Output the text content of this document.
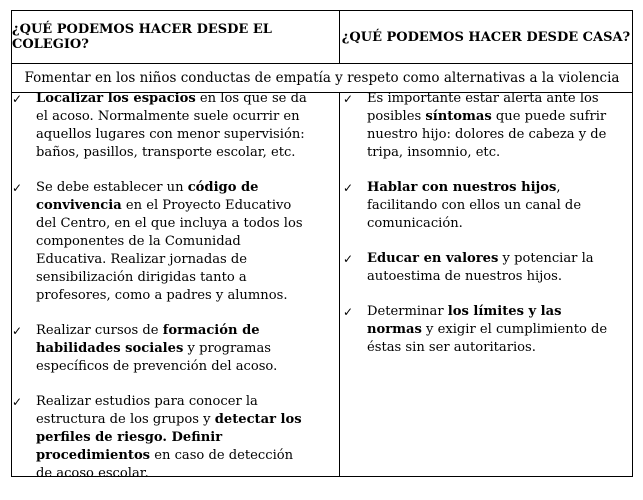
¿QUÉ PODEMOS HACER DESDE EL COLEGIO?	¿QUÉ PODEMOS HACER DESDE CASA?
Fomentar en los niños conductas de empatía y respeto como alternativas a la violencia
✓ Localizar los espacios en los que se da el acoso. Normalmente suele ocurrir en aquellos lugares con menor supervisión: baños, pasillos, transporte escolar, etc.
✓ Se debe establecer un código de convivencia en el Proyecto Educativo del Centro, en el que incluya a todos los componentes de la Comunidad Educativa. Realizar jornadas de sensibilización dirigidas tanto a profesores, como a padres y alumnos.
✓ Realizar cursos de formación de habilidades sociales y programas específicos de prevención del acoso.
✓ Realizar estudios para conocer la estructura de los grupos y detectar los perfiles de riesgo. Definir procedimientos en caso de detección de acoso escolar.
✓ Es importante estar alerta ante los posibles síntomas que puede sufrir nuestro hijo: dolores de cabeza y de tripa, insomnio, etc.
✓ Hablar con nuestros hijos, facilitando con ellos un canal de comunicación.
✓ Educar en valores y potenciar la autoestima de nuestros hijos.
✓ Determinar los límites y las normas y exigir el cumplimiento de éstas sin ser autoritarios.
